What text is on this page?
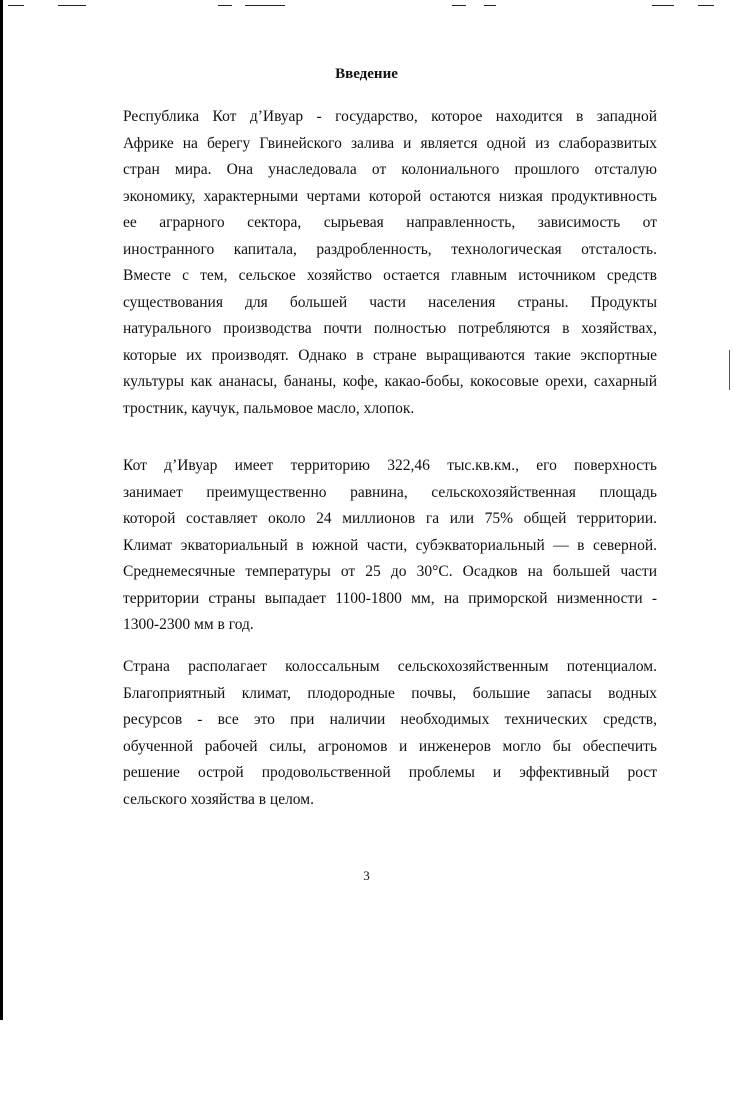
Введение
Республика Кот д’Ивуар - государство, которое находится в западной
Африке на берегу Гвинейского залива и является одной из слаборазвитых
стран мира. Она унаследовала от колониального прошлого отсталую
экономику, характерными чертами которой остаются низкая продуктивность
ее аграрного сектора, сырьевая направленность, зависимость от
иностранного капитала, раздробленность, технологическая отсталость.
Вместе с тем, сельское хозяйство остается главным источником средств
существования для большей части населения страны. Продукты
натурального производства почти полностью потребляются в хозяйствах,
которые их производят. Однако в стране выращиваются такие экспортные
культуры как ананасы, бананы, кофе, какао-бобы, кокосовые орехи, сахарный
тростник, каучук, пальмовое масло, хлопок.
Кот д’Ивуар имеет территорию 322,46 тыс.кв.км., его поверхность
занимает преимущественно равнина, сельскохозяйственная площадь
которой составляет около 24 миллионов га или 75% общей территории.
Климат экваториальный в южной части, субэкваториальный — в северной.
Среднемесячные температуры от 25 до 30°С. Осадков на большей части
территории страны выпадает 1100-1800 мм, на приморской низменности -
1300-2300 мм в год.
Страна располагает колоссальным сельскохозяйственным потенциалом.
Благоприятный климат, плодородные почвы, большие запасы водных
ресурсов - все это при наличии необходимых технических средств,
обученной рабочей силы, агрономов и инженеров могло бы обеспечить
решение острой продовольственной проблемы и эффективный рост
сельского хозяйства в целом.
3
